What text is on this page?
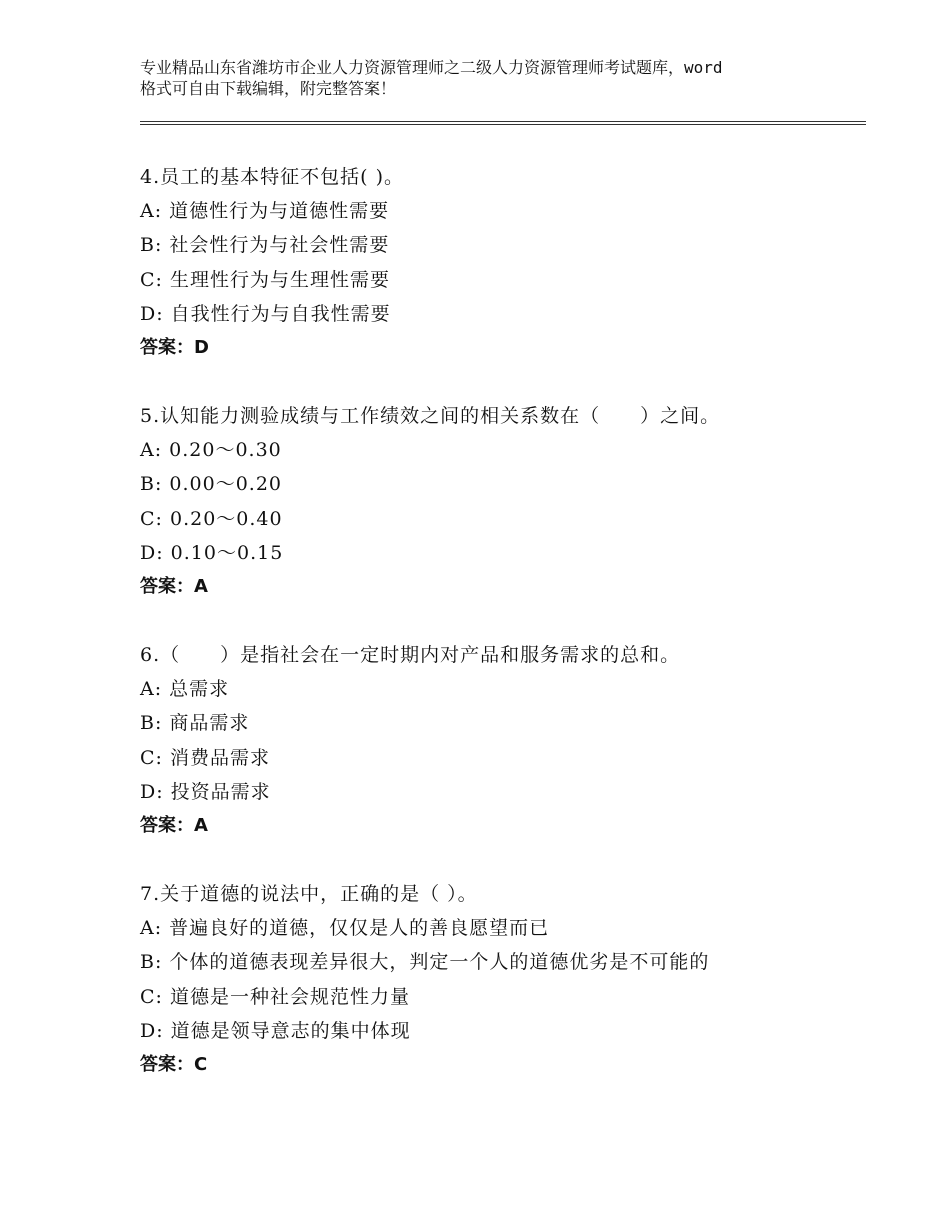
专业精品山东省潍坊市企业人力资源管理师之二级人力资源管理师考试题库，word
格式可自由下载编辑，附完整答案！
4.员工的基本特征不包括( )。
A: 道德性行为与道德性需要
B: 社会性行为与社会性需要
C: 生理性行为与生理性需要
D: 自我性行为与自我性需要
答案：D
5.认知能力测验成绩与工作绩效之间的相关系数在（　　）之间。
A: 0.20～0.30
B: 0.00～0.20
C: 0.20～0.40
D: 0.10～0.15
答案：A
6.（　　）是指社会在一定时期内对产品和服务需求的总和。
A: 总需求
B: 商品需求
C: 消费品需求
D: 投资品需求
答案：A
7.关于道德的说法中，正确的是（ ）。
A: 普遍良好的道德，仅仅是人的善良愿望而已
B: 个体的道德表现差异很大，判定一个人的道德优劣是不可能的
C: 道德是一种社会规范性力量
D: 道德是领导意志的集中体现
答案：C
